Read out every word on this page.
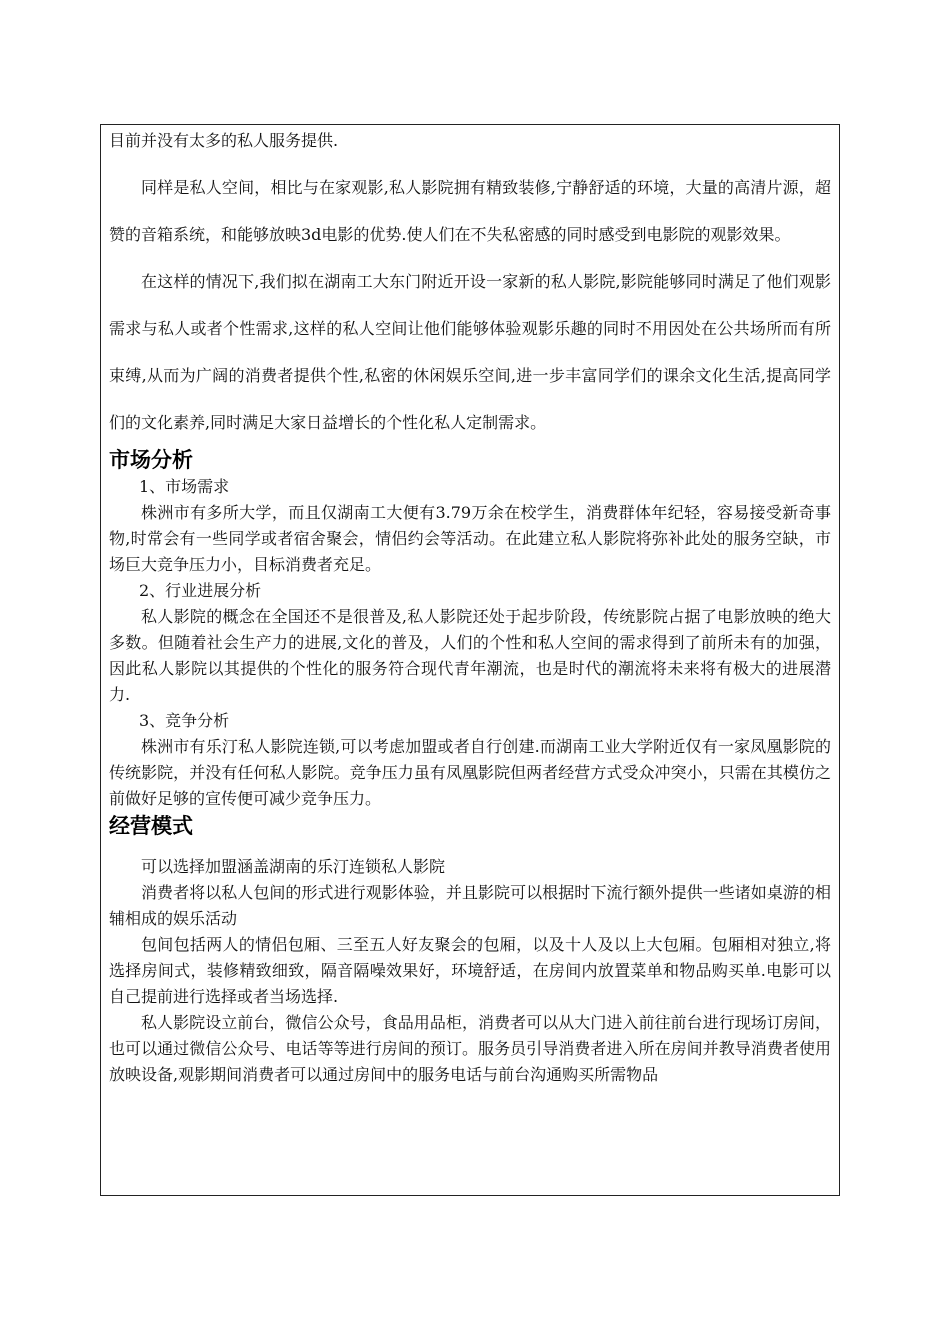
目前并没有太多的私人服务提供.

同样是私人空间，相比与在家观影,私人影院拥有精致装修,宁静舒适的环境，大量的高清片源，超赞的音箱系统，和能够放映3d电影的优势.使人们在不失私密感的同时感受到电影院的观影效果。

在这样的情况下,我们拟在湖南工大东门附近开设一家新的私人影院,影院能够同时满足了他们观影需求与私人或者个性需求,这样的私人空间让他们能够体验观影乐趣的同时不用因处在公共场所而有所束缚,从而为广阔的消费者提供个性,私密的休闲娱乐空间,进一步丰富同学们的课余文化生活,提高同学们的文化素养,同时满足大家日益增长的个性化私人定制需求。

市场分析

1、市场需求

株洲市有多所大学，而且仅湖南工大便有3.79万余在校学生，消费群体年纪轻，容易接受新奇事物,时常会有一些同学或者宿舍聚会，情侣约会等活动。在此建立私人影院将弥补此处的服务空缺，市场巨大竞争压力小，目标消费者充足。

2、行业进展分析

私人影院的概念在全国还不是很普及,私人影院还处于起步阶段，传统影院占据了电影放映的绝大多数。但随着社会生产力的进展,文化的普及，人们的个性和私人空间的需求得到了前所未有的加强，因此私人影院以其提供的个性化的服务符合现代青年潮流，也是时代的潮流将未来将有极大的进展潜力.

3、竞争分析

株洲市有乐汀私人影院连锁,可以考虑加盟或者自行创建.而湖南工业大学附近仅有一家凤凰影院的传统影院，并没有任何私人影院。竞争压力虽有凤凰影院但两者经营方式受众冲突小，只需在其模仿之前做好足够的宣传便可减少竞争压力。

经营模式

可以选择加盟涵盖湖南的乐汀连锁私人影院

消费者将以私人包间的形式进行观影体验，并且影院可以根据时下流行额外提供一些诸如桌游的相辅相成的娱乐活动

包间包括两人的情侣包厢、三至五人好友聚会的包厢，以及十人及以上大包厢。包厢相对独立,将选择房间式，装修精致细致，隔音隔噪效果好，环境舒适，在房间内放置菜单和物品购买单.电影可以自己提前进行选择或者当场选择.

私人影院设立前台，微信公众号，食品用品柜，消费者可以从大门进入前往前台进行现场订房间，也可以通过微信公众号、电话等等进行房间的预订。服务员引导消费者进入所在房间并教导消费者使用放映设备,观影期间消费者可以通过房间中的服务电话与前台沟通购买所需物品
